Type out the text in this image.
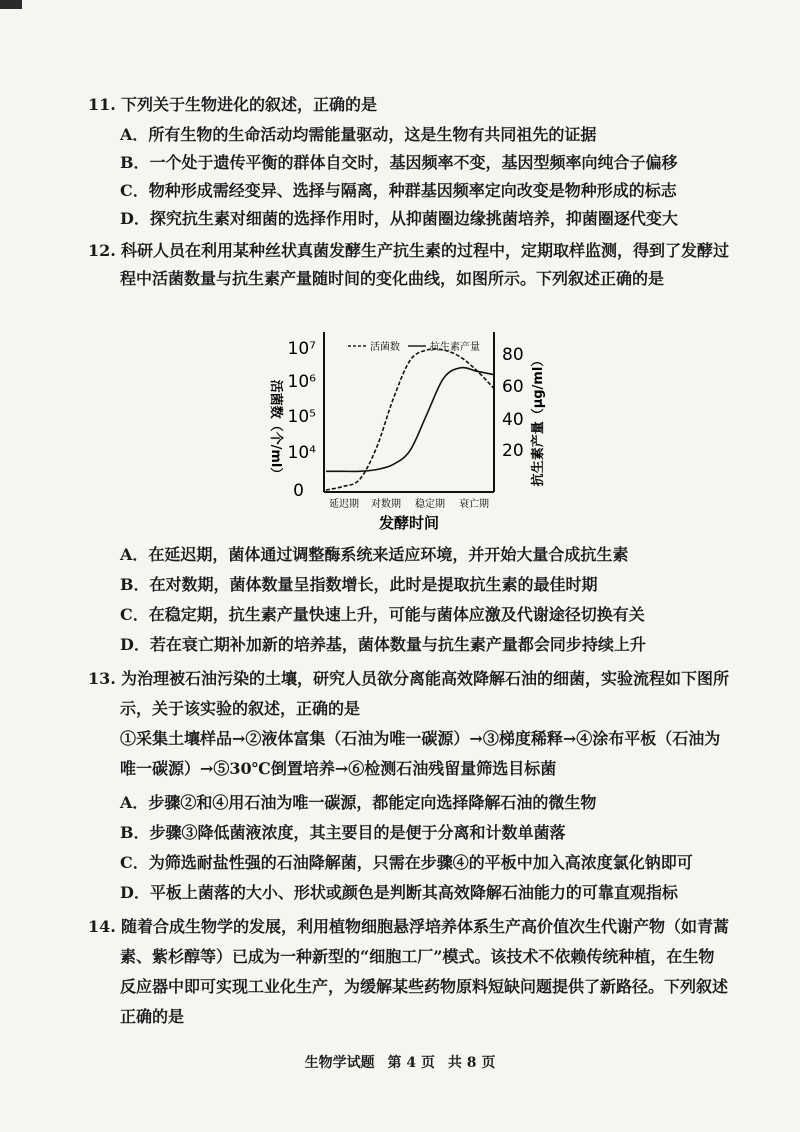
11. 下列关于生物进化的叙述，正确的是
A．所有生物的生命活动均需能量驱动，这是生物有共同祖先的证据
B．一个处于遗传平衡的群体自交时，基因频率不变，基因型频率向纯合子偏移
C．物种形成需经变异、选择与隔离，种群基因频率定向改变是物种形成的标志
D．探究抗生素对细菌的选择作用时，从抑菌圈边缘挑菌培养，抑菌圈逐代变大
12. 科研人员在利用某种丝状真菌发酵生产抗生素的过程中，定期取样监测，得到了发酵过
程中活菌数量与抗生素产量随时间的变化曲线，如图所示。下列叙述正确的是
活菌数（个/ml）	抗生素产量（μg/ml）
0
10⁴
10⁵
10⁶
10⁷
20
40
60
80
活菌数	抗生素产量
延迟期 对数期 稳定期 衰亡期
发酵时间
A．在延迟期，菌体通过调整酶系统来适应环境，并开始大量合成抗生素
B．在对数期，菌体数量呈指数增长，此时是提取抗生素的最佳时期
C．在稳定期，抗生素产量快速上升，可能与菌体应激及代谢途径切换有关
D．若在衰亡期补加新的培养基，菌体数量与抗生素产量都会同步持续上升
13. 为治理被石油污染的土壤，研究人员欲分离能高效降解石油的细菌，实验流程如下图所
示，关于该实验的叙述，正确的是
①采集土壤样品→②液体富集（石油为唯一碳源）→③梯度稀释→④涂布平板（石油为
唯一碳源）→⑤30℃倒置培养→⑥检测石油残留量筛选目标菌
A．步骤②和④用石油为唯一碳源，都能定向选择降解石油的微生物
B．步骤③降低菌液浓度，其主要目的是便于分离和计数单菌落
C．为筛选耐盐性强的石油降解菌，只需在步骤④的平板中加入高浓度氯化钠即可
D．平板上菌落的大小、形状或颜色是判断其高效降解石油能力的可靠直观指标
14. 随着合成生物学的发展，利用植物细胞悬浮培养体系生产高价值次生代谢产物（如青蒿
素、紫杉醇等）已成为一种新型的“细胞工厂”模式。该技术不依赖传统种植，在生物
反应器中即可实现工业化生产，为缓解某些药物原料短缺问题提供了新路径。下列叙述
正确的是
生物学试题 第 4 页 共 8 页
